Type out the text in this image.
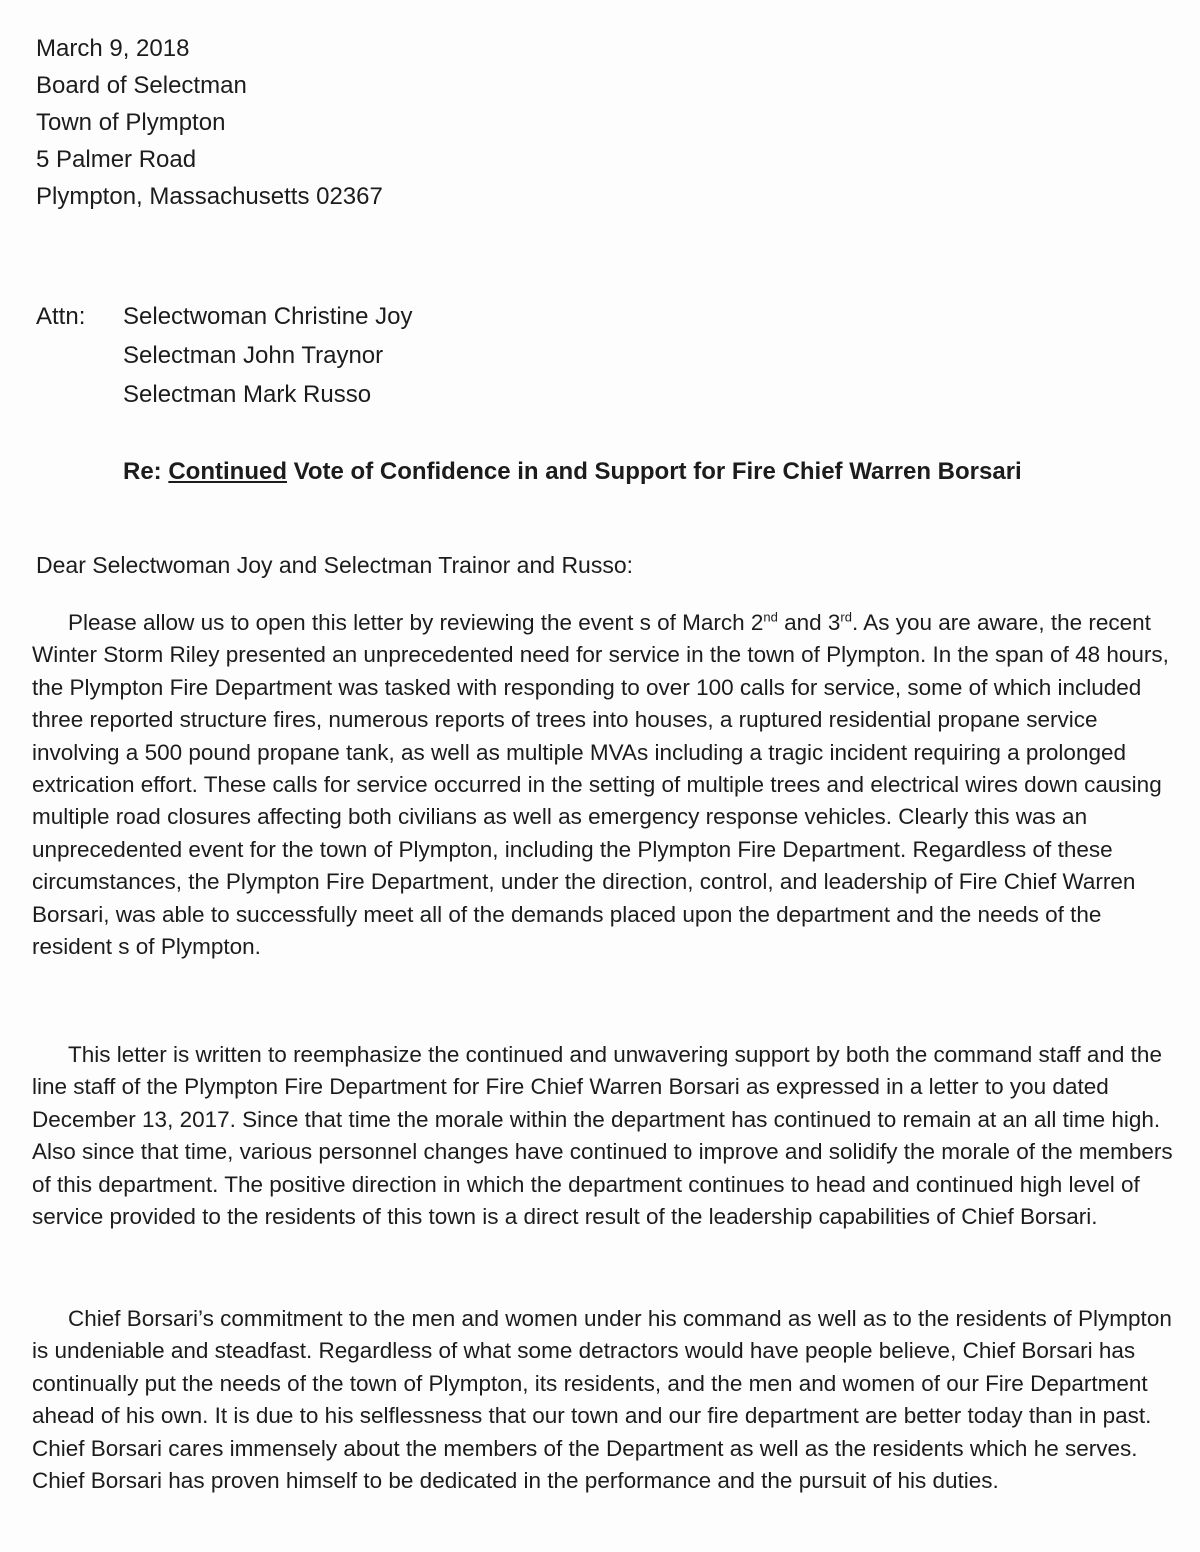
March 9, 2018
Board of Selectman
Town of Plympton
5 Palmer Road
Plympton, Massachusetts 02367
Attn: Selectwoman Christine Joy
Selectman John Traynor
Selectman Mark Russo
Re: Continued Vote of Confidence in and Support for Fire Chief Warren Borsari
Dear Selectwoman Joy and Selectman Trainor and Russo:

Please allow us to open this letter by reviewing the event s of March 2nd and 3rd. As you are aware, the recent Winter Storm Riley presented an unprecedented need for service in the town of Plympton. In the span of 48 hours, the Plympton Fire Department was tasked with responding to over 100 calls for service, some of which included three reported structure fires, numerous reports of trees into houses, a ruptured residential propane service involving a 500 pound propane tank, as well as multiple MVAs including a tragic incident requiring a prolonged extrication effort. These calls for service occurred in the setting of multiple trees and electrical wires down causing multiple road closures affecting both civilians as well as emergency response vehicles. Clearly this was an unprecedented event for the town of Plympton, including the Plympton Fire Department. Regardless of these circumstances, the Plympton Fire Department, under the direction, control, and leadership of Fire Chief Warren Borsari, was able to successfully meet all of the demands placed upon the department and the needs of the resident s of Plympton.

This letter is written to reemphasize the continued and unwavering support by both the command staff and the line staff of the Plympton Fire Department for Fire Chief Warren Borsari as expressed in a letter to you dated December 13, 2017. Since that time the morale within the department has continued to remain at an all time high. Also since that time, various personnel changes have continued to improve and solidify the morale of the members of this department. The positive direction in which the department continues to head and continued high level of service provided to the residents of this town is a direct result of the leadership capabilities of Chief Borsari.

Chief Borsari’s commitment to the men and women under his command as well as to the residents of Plympton is undeniable and steadfast. Regardless of what some detractors would have people believe, Chief Borsari has continually put the needs of the town of Plympton, its residents, and the men and women of our Fire Department ahead of his own. It is due to his selflessness that our town and our fire department are better today than in past. Chief Borsari cares immensely about the members of the Department as well as the residents which he serves. Chief Borsari has proven himself to be dedicated in the performance and the pursuit of his duties.
